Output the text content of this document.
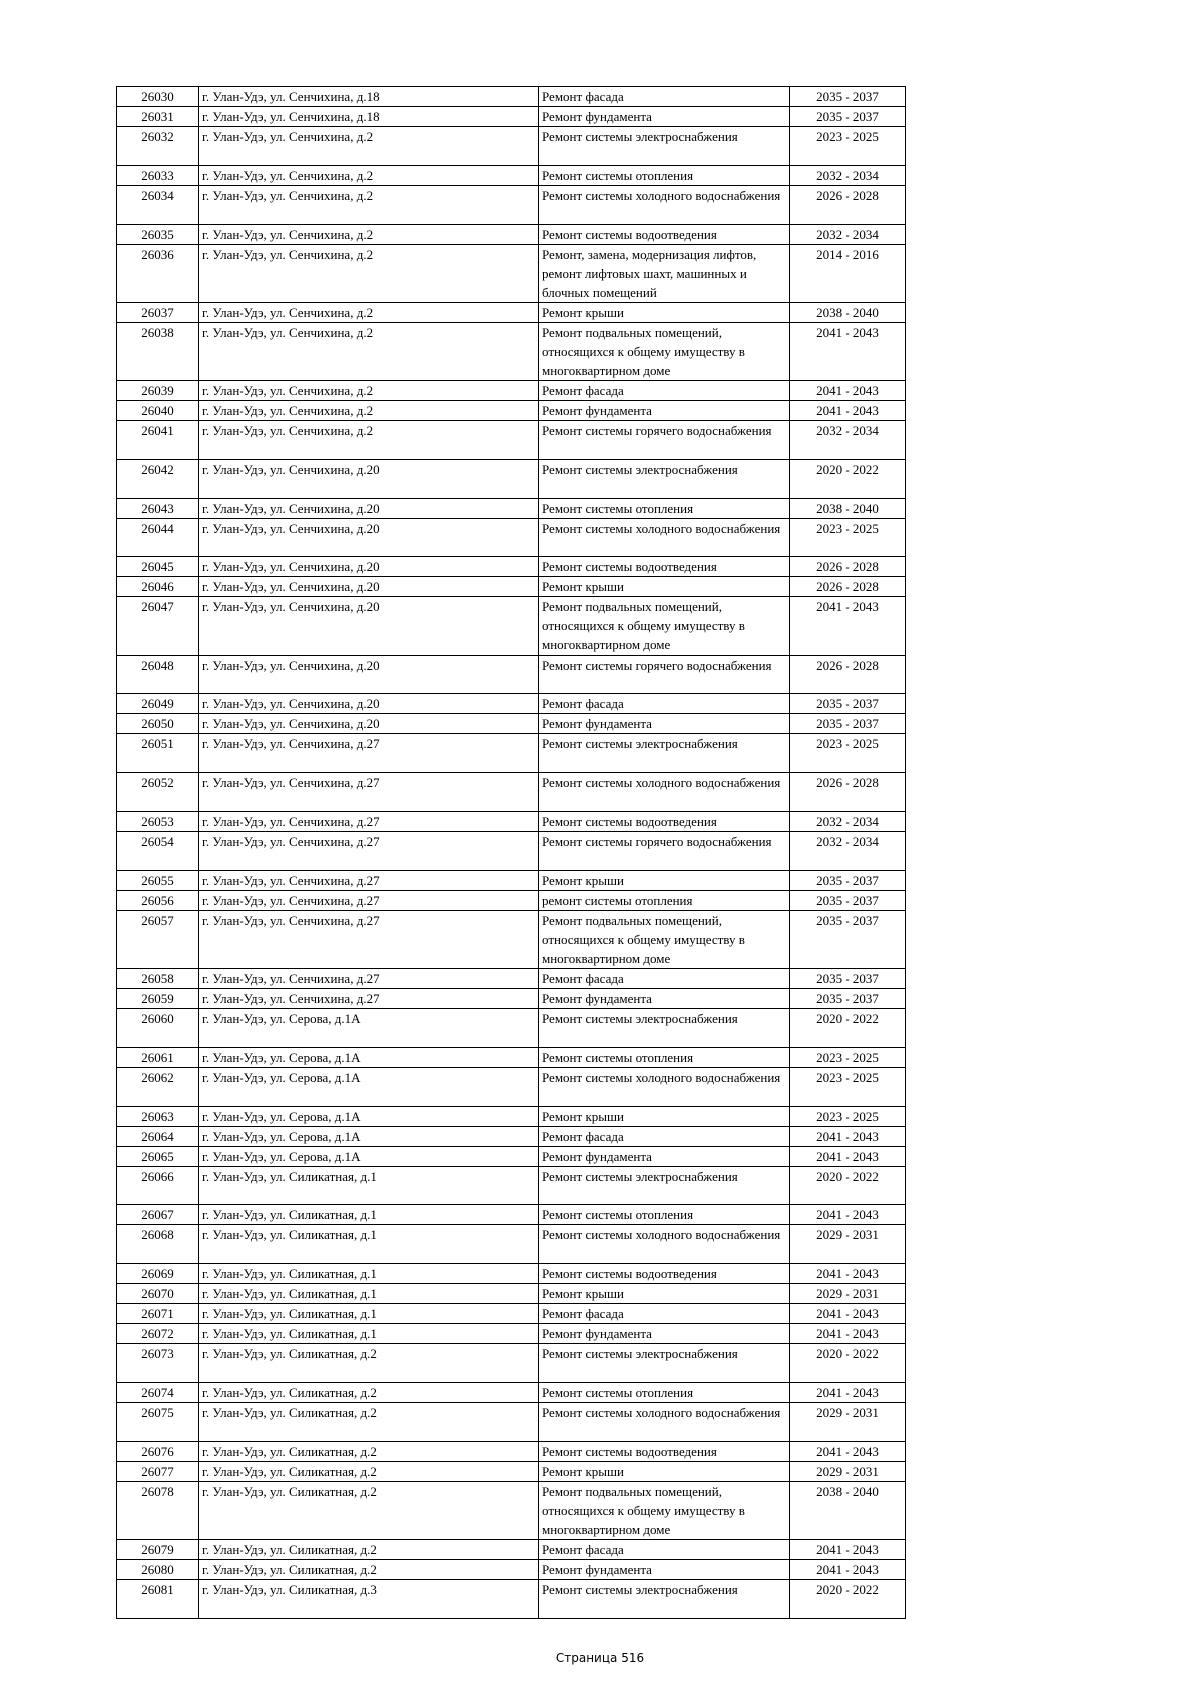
26030	г. Улан-Удэ, ул. Сенчихина, д.18	Ремонт фасада	2035 - 2037
26031	г. Улан-Удэ, ул. Сенчихина, д.18	Ремонт фундамента	2035 - 2037
26032	г. Улан-Удэ, ул. Сенчихина, д.2	Ремонт системы электроснабжения	2023 - 2025
26033	г. Улан-Удэ, ул. Сенчихина, д.2	Ремонт системы отопления	2032 - 2034
26034	г. Улан-Удэ, ул. Сенчихина, д.2	Ремонт системы холодного водоснабжения	2026 - 2028
26035	г. Улан-Удэ, ул. Сенчихина, д.2	Ремонт системы водоотведения	2032 - 2034
26036	г. Улан-Удэ, ул. Сенчихина, д.2	Ремонт, замена, модернизация лифтов, ремонт лифтовых шахт, машинных и блочных помещений	2014 - 2016
26037	г. Улан-Удэ, ул. Сенчихина, д.2	Ремонт крыши	2038 - 2040
26038	г. Улан-Удэ, ул. Сенчихина, д.2	Ремонт подвальных помещений, относящихся к общему имуществу в многоквартирном доме	2041 - 2043
26039	г. Улан-Удэ, ул. Сенчихина, д.2	Ремонт фасада	2041 - 2043
26040	г. Улан-Удэ, ул. Сенчихина, д.2	Ремонт фундамента	2041 - 2043
26041	г. Улан-Удэ, ул. Сенчихина, д.2	Ремонт системы горячего водоснабжения	2032 - 2034
26042	г. Улан-Удэ, ул. Сенчихина, д.20	Ремонт системы электроснабжения	2020 - 2022
26043	г. Улан-Удэ, ул. Сенчихина, д.20	Ремонт системы отопления	2038 - 2040
26044	г. Улан-Удэ, ул. Сенчихина, д.20	Ремонт системы холодного водоснабжения	2023 - 2025
26045	г. Улан-Удэ, ул. Сенчихина, д.20	Ремонт системы водоотведения	2026 - 2028
26046	г. Улан-Удэ, ул. Сенчихина, д.20	Ремонт крыши	2026 - 2028
26047	г. Улан-Удэ, ул. Сенчихина, д.20	Ремонт подвальных помещений, относящихся к общему имуществу в многоквартирном доме	2041 - 2043
26048	г. Улан-Удэ, ул. Сенчихина, д.20	Ремонт системы горячего водоснабжения	2026 - 2028
26049	г. Улан-Удэ, ул. Сенчихина, д.20	Ремонт фасада	2035 - 2037
26050	г. Улан-Удэ, ул. Сенчихина, д.20	Ремонт фундамента	2035 - 2037
26051	г. Улан-Удэ, ул. Сенчихина, д.27	Ремонт системы электроснабжения	2023 - 2025
26052	г. Улан-Удэ, ул. Сенчихина, д.27	Ремонт системы холодного водоснабжения	2026 - 2028
26053	г. Улан-Удэ, ул. Сенчихина, д.27	Ремонт системы водоотведения	2032 - 2034
26054	г. Улан-Удэ, ул. Сенчихина, д.27	Ремонт системы горячего водоснабжения	2032 - 2034
26055	г. Улан-Удэ, ул. Сенчихина, д.27	Ремонт крыши	2035 - 2037
26056	г. Улан-Удэ, ул. Сенчихина, д.27	ремонт системы отопления	2035 - 2037
26057	г. Улан-Удэ, ул. Сенчихина, д.27	Ремонт подвальных помещений, относящихся к общему имуществу в многоквартирном доме	2035 - 2037
26058	г. Улан-Удэ, ул. Сенчихина, д.27	Ремонт фасада	2035 - 2037
26059	г. Улан-Удэ, ул. Сенчихина, д.27	Ремонт фундамента	2035 - 2037
26060	г. Улан-Удэ, ул. Серова, д.1А	Ремонт системы электроснабжения	2020 - 2022
26061	г. Улан-Удэ, ул. Серова, д.1А	Ремонт системы отопления	2023 - 2025
26062	г. Улан-Удэ, ул. Серова, д.1А	Ремонт системы холодного водоснабжения	2023 - 2025
26063	г. Улан-Удэ, ул. Серова, д.1А	Ремонт крыши	2023 - 2025
26064	г. Улан-Удэ, ул. Серова, д.1А	Ремонт фасада	2041 - 2043
26065	г. Улан-Удэ, ул. Серова, д.1А	Ремонт фундамента	2041 - 2043
26066	г. Улан-Удэ, ул. Силикатная, д.1	Ремонт системы электроснабжения	2020 - 2022
26067	г. Улан-Удэ, ул. Силикатная, д.1	Ремонт системы отопления	2041 - 2043
26068	г. Улан-Удэ, ул. Силикатная, д.1	Ремонт системы холодного водоснабжения	2029 - 2031
26069	г. Улан-Удэ, ул. Силикатная, д.1	Ремонт системы водоотведения	2041 - 2043
26070	г. Улан-Удэ, ул. Силикатная, д.1	Ремонт крыши	2029 - 2031
26071	г. Улан-Удэ, ул. Силикатная, д.1	Ремонт фасада	2041 - 2043
26072	г. Улан-Удэ, ул. Силикатная, д.1	Ремонт фундамента	2041 - 2043
26073	г. Улан-Удэ, ул. Силикатная, д.2	Ремонт системы электроснабжения	2020 - 2022
26074	г. Улан-Удэ, ул. Силикатная, д.2	Ремонт системы отопления	2041 - 2043
26075	г. Улан-Удэ, ул. Силикатная, д.2	Ремонт системы холодного водоснабжения	2029 - 2031
26076	г. Улан-Удэ, ул. Силикатная, д.2	Ремонт системы водоотведения	2041 - 2043
26077	г. Улан-Удэ, ул. Силикатная, д.2	Ремонт крыши	2029 - 2031
26078	г. Улан-Удэ, ул. Силикатная, д.2	Ремонт подвальных помещений, относящихся к общему имуществу в многоквартирном доме	2038 - 2040
26079	г. Улан-Удэ, ул. Силикатная, д.2	Ремонт фасада	2041 - 2043
26080	г. Улан-Удэ, ул. Силикатная, д.2	Ремонт фундамента	2041 - 2043
26081	г. Улан-Удэ, ул. Силикатная, д.3	Ремонт системы электроснабжения	2020 - 2022
Страница 516
